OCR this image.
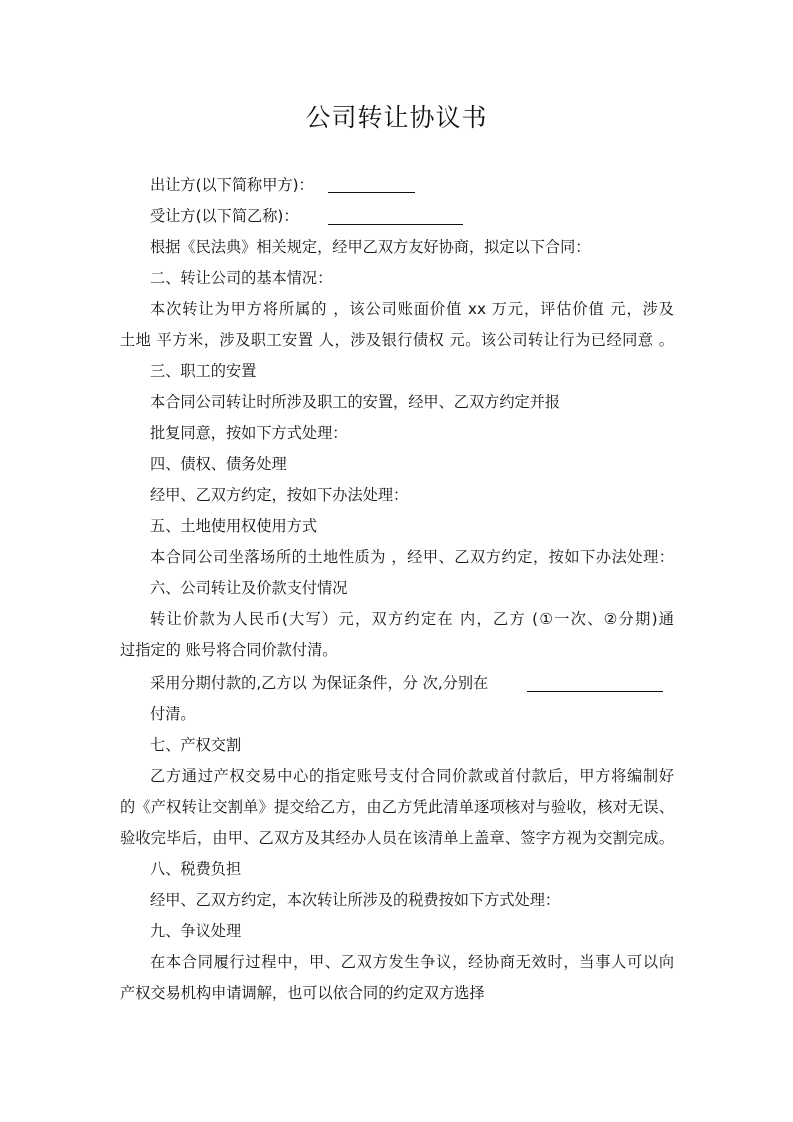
公司转让协议书
出让方(以下简称甲方)：
受让方(以下简乙称)：
根据《民法典》相关规定，经甲乙双方友好协商，拟定以下合同：
二、转让公司的基本情况：
本次转让为甲方将所属的 ，该公司账面价值 xx 万元，评估价值 元，涉及
土地 平方米，涉及职工安置 人，涉及银行债权 元。该公司转让行为已经同意 。
三、职工的安置
本合同公司转让时所涉及职工的安置，经甲、乙双方约定并报
批复同意，按如下方式处理：
四、债权、债务处理
经甲、乙双方约定，按如下办法处理：
五、土地使用权使用方式
本合同公司坐落场所的土地性质为 ，经甲、乙双方约定，按如下办法处理：
六、公司转让及价款支付情况
转让价款为人民币(大写）元，双方约定在 内，乙方 (①一次、②分期)通
过指定的 账号将合同价款付清。
采用分期付款的,乙方以 为保证条件，分 次,分别在
付清。
七、产权交割
乙方通过产权交易中心的指定账号支付合同价款或首付款后，甲方将编制好
的《产权转让交割单》提交给乙方，由乙方凭此清单逐项核对与验收，核对无误、
验收完毕后，由甲、乙双方及其经办人员在该清单上盖章、签字方视为交割完成。
八、税费负担
经甲、乙双方约定，本次转让所涉及的税费按如下方式处理：
九、争议处理
在本合同履行过程中，甲、乙双方发生争议，经协商无效时，当事人可以向
产权交易机构申请调解，也可以依合同的约定双方选择
